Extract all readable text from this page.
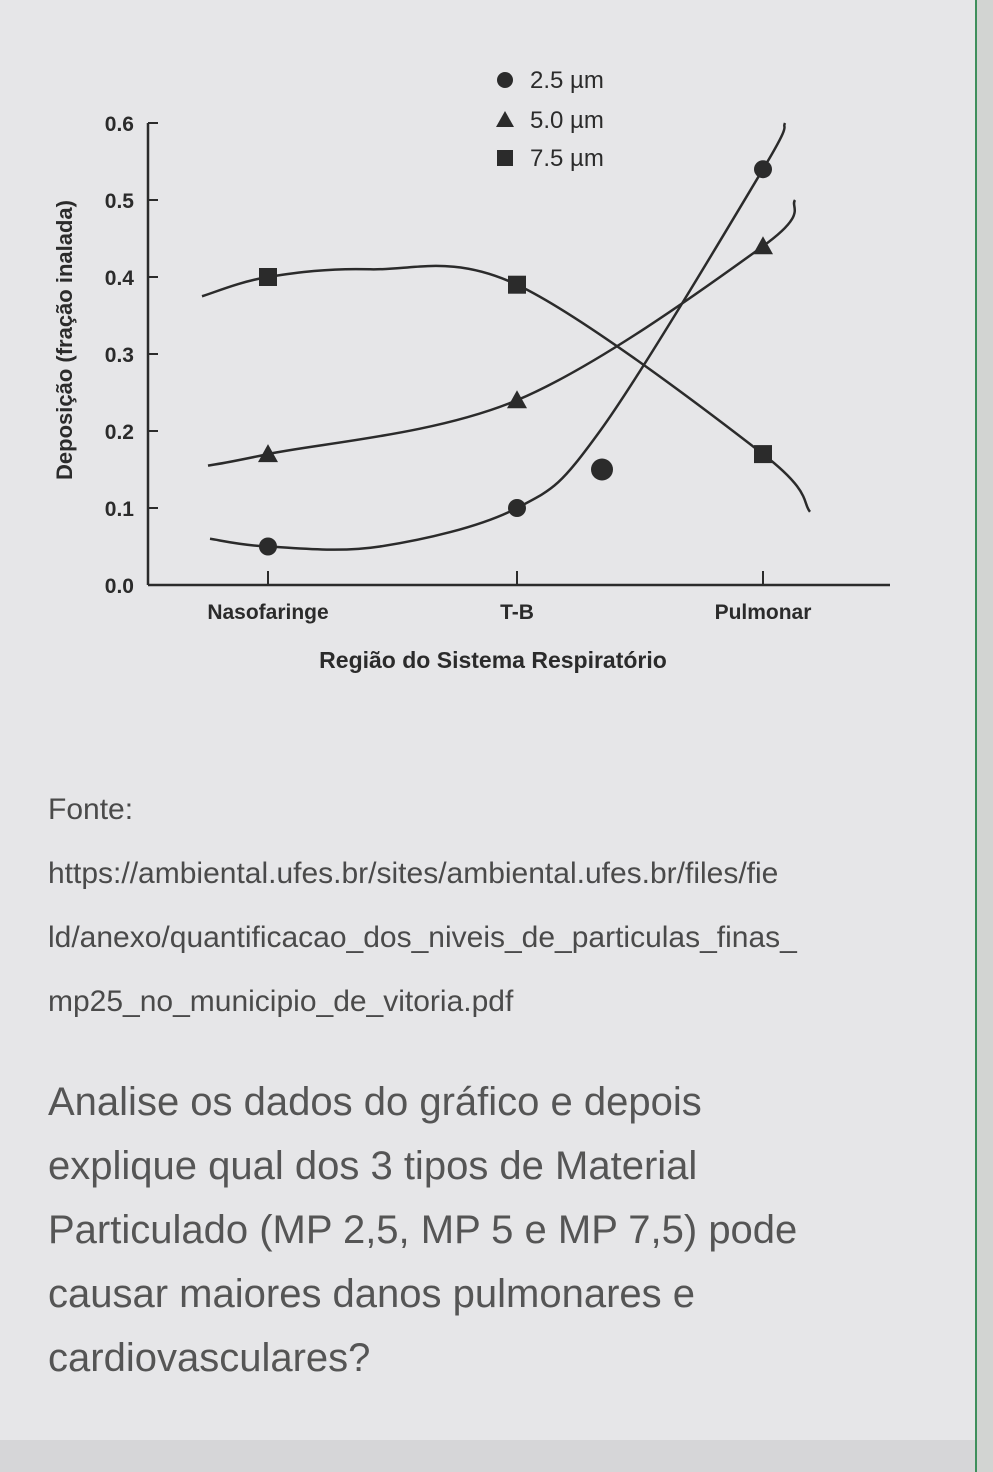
0.0
0.1
0.2
0.3
0.4
0.5
0.6
Nasofaringe	T-B	Pulmonar
2.5 µm
5.0 µm
7.5 µm
Região do Sistema Respiratório
Deposição (fração inalada)

Fonte:

https://ambiental.ufes.br/sites/ambiental.ufes.br/files/fie

ld/anexo/quantificacao_dos_niveis_de_particulas_finas_

mp25_no_municipio_de_vitoria.pdf

Analise os dados do gráfico e depois
explique qual dos 3 tipos de Material
Particulado (MP 2,5, MP 5 e MP 7,5) pode
causar maiores danos pulmonares e
cardiovasculares?
